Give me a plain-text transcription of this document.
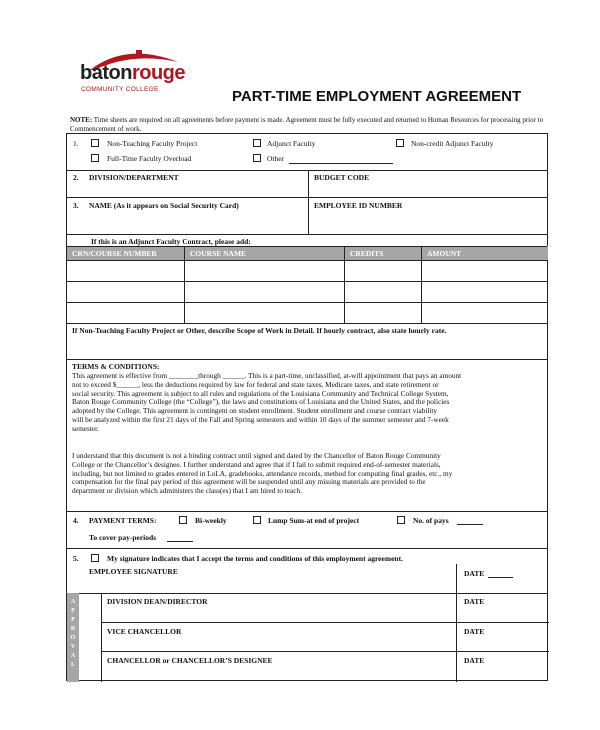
batonrouge
COMMUNITY COLLEGE	PART-TIME EMPLOYMENT AGREEMENT
NOTE: Time sheets are required on all agreements before payment is made. Agreement must be fully executed and returned to Human Resources for processing prior to Commencement of work.
1.	Non-Teaching Faculty Project	Adjunct Faculty	Non-credit Adjunct Faculty
Full-Time Faculty Overload	Other
2. DIVISION/DEPARTMENT	BUDGET CODE
3. NAME (As it appears on Social Security Card)	EMPLOYEE ID NUMBER
If this is an Adjunct Faculty Contract, please add:
CRN/COURSE NUMBER	COURSE NAME	CREDITS	AMOUNT
If Non-Teaching Faculty Project or Other, describe Scope of Work in Detail. If hourly contract, also state hourly rate.
TERMS & CONDITIONS:
This agreement is effective from ________through ______. This is a part-time, unclassified, at-will appointment that pays an amount
not to exceed $______, less the deductions required by law for federal and state taxes, Medicare taxes, and state retirement or
social security. This agreement is subject to all rules and regulations of the Louisiana Community and Technical College System,
Baton Rouge Community College (the “College”), the laws and constitutions of Louisiana and the United States, and the policies
adopted by the College. This agreement is contingent on student enrollment. Student enrollment and course contract viability
will be analyzed within the first 21 days of the Fall and Spring semesters and within 10 days of the summer semester and 7-week
semester.
I understand that this document is not a binding contract until signed and dated by the Chancellor of Baton Rouge Community
College or the Chancellor’s designee. I further understand and agree that if I fail to submit required end-of-semester materials,
including, but not limited to grades entered in LoLA, gradebooks, attendance records, method for computing final grades, etc., my
compensation for the final pay period of this agreement will be suspended until any missing materials are provided to the
department or division which administers the class(es) that I am hired to teach.
4. PAYMENT TERMS:	Bi-weekly	Lump Sum-at end of project	No. of pays
To cover pay-periods
5.	My signature indicates that I accept the terms and conditions of this employment agreement.
EMPLOYEE SIGNATURE	DATE
A
P
P
R
O
V
A
L
DIVISION DEAN/DIRECTOR	DATE
VICE CHANCELLOR	DATE
CHANCELLOR or CHANCELLOR’S DESIGNEE	DATE
